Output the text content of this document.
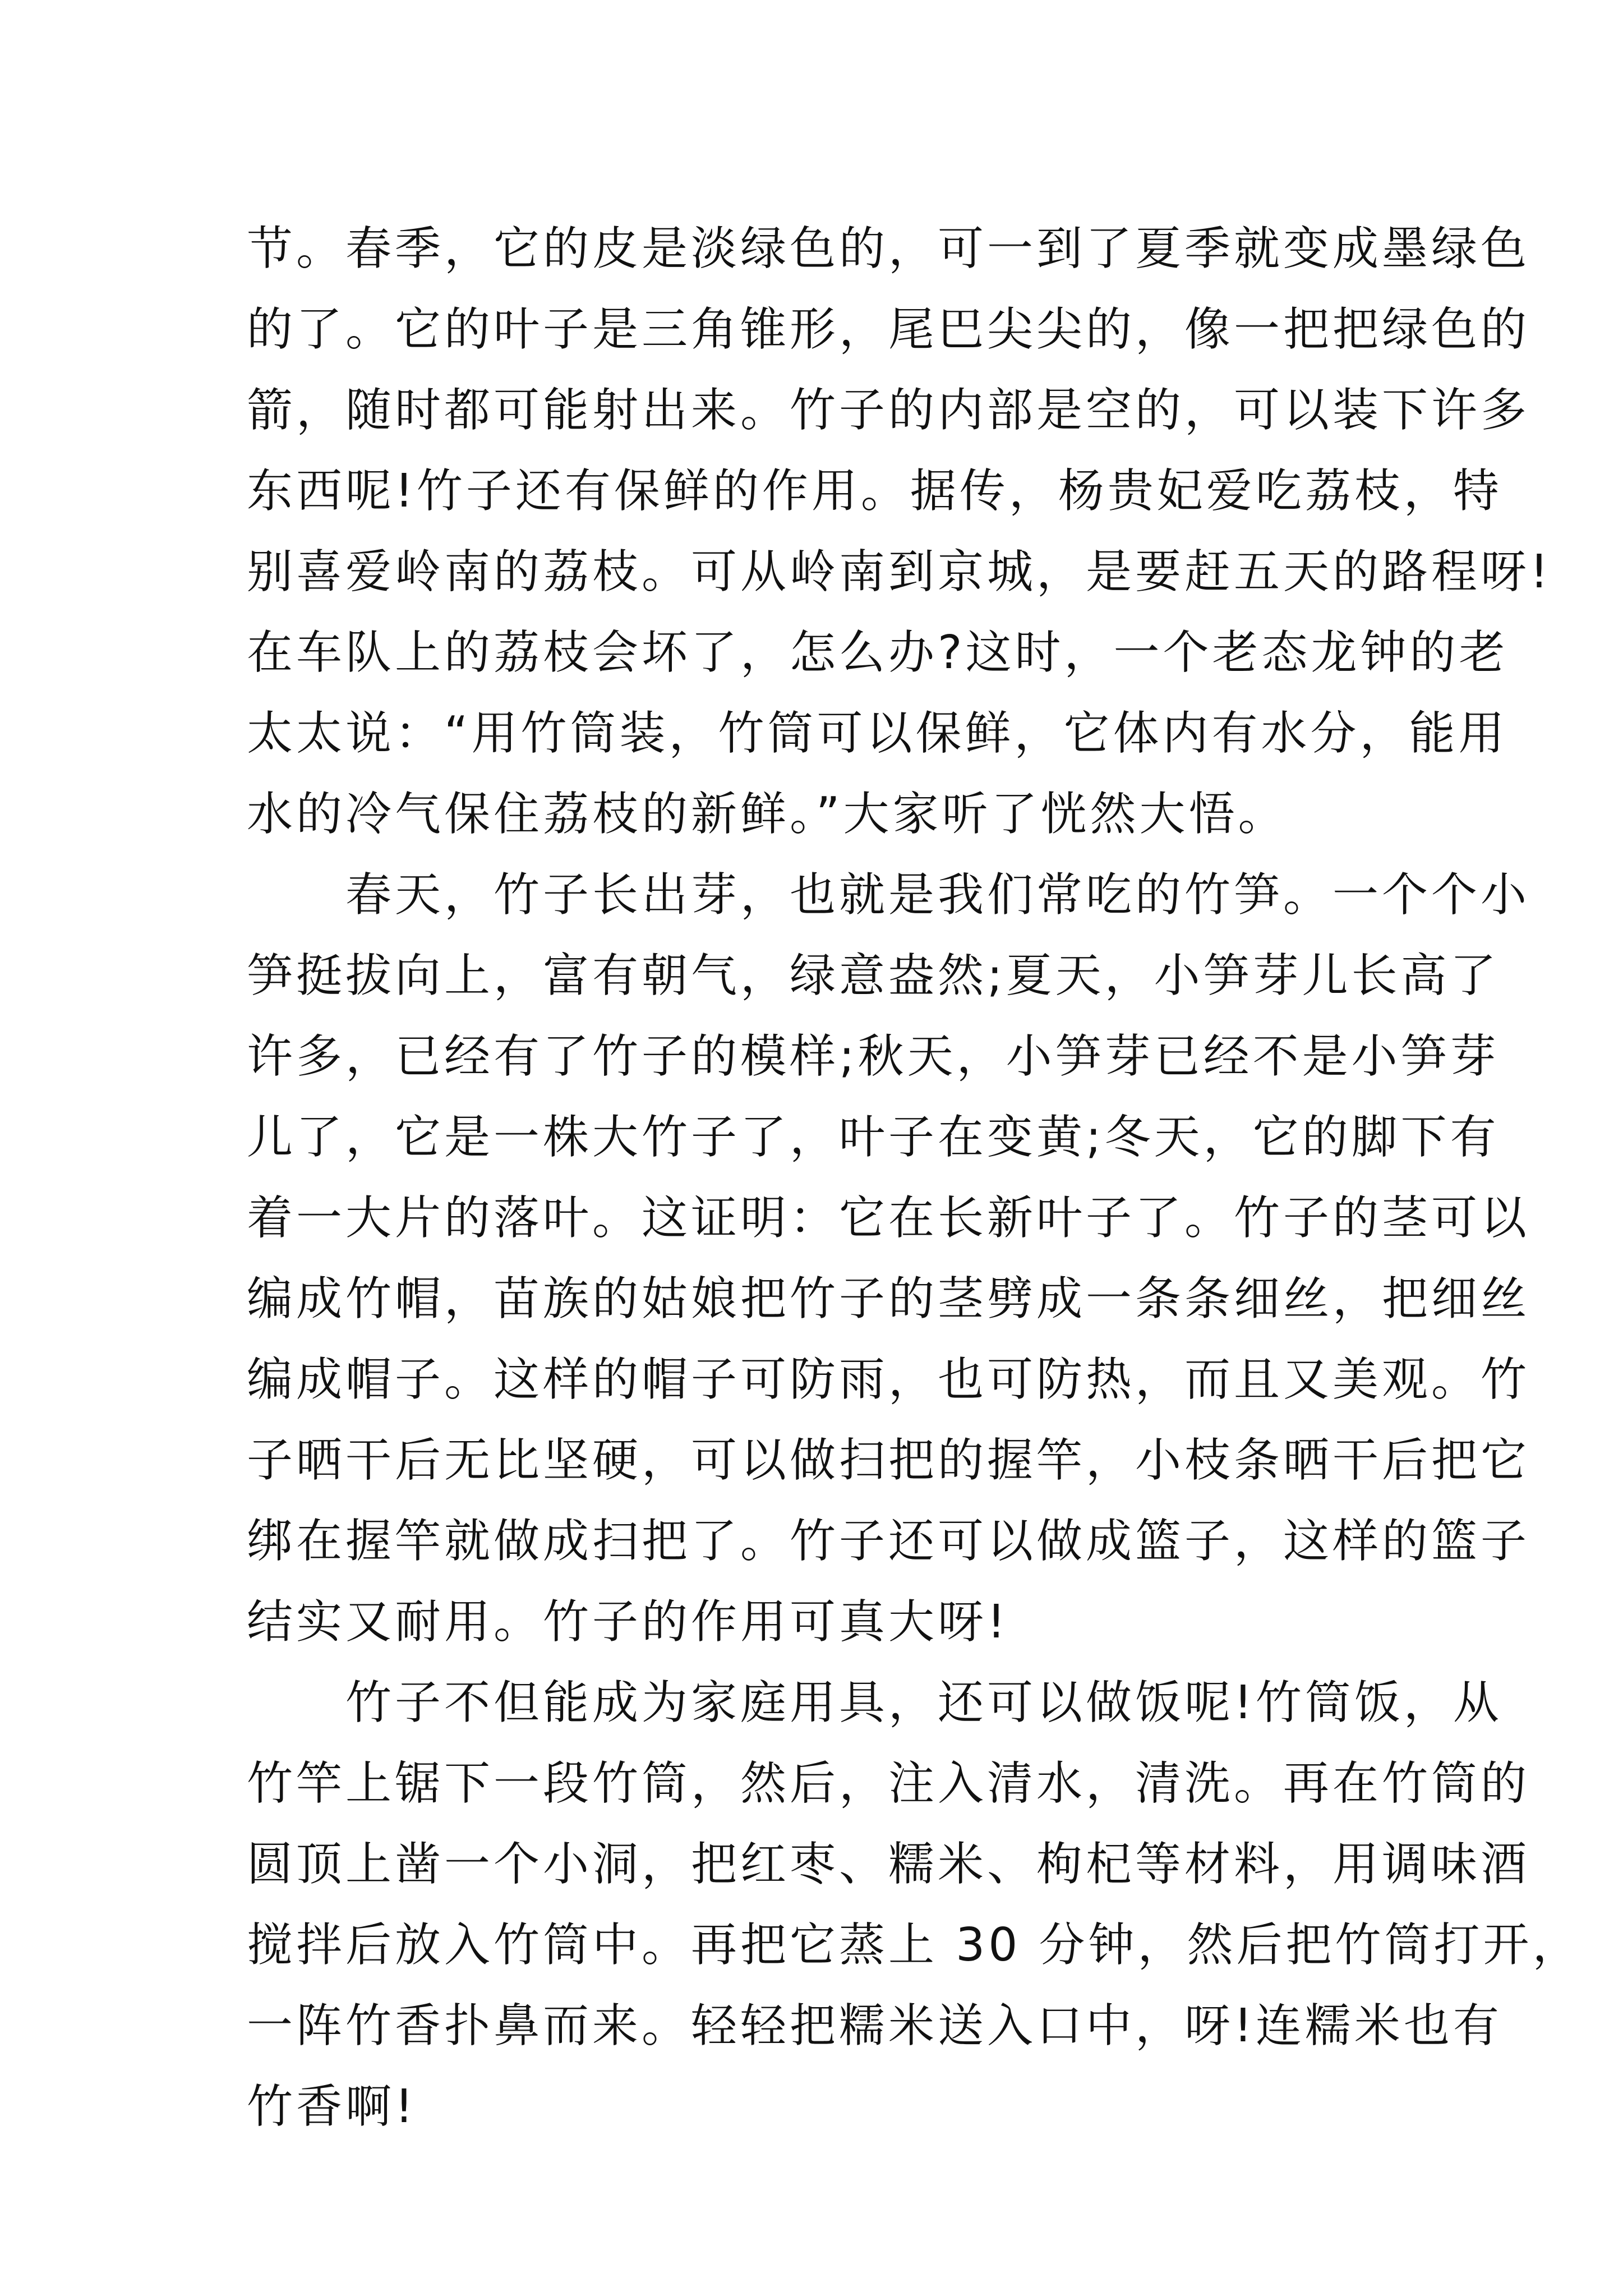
节。春季，它的皮是淡绿色的，可一到了夏季就变成墨绿色
的了。它的叶子是三角锥形，尾巴尖尖的，像一把把绿色的
箭，随时都可能射出来。竹子的内部是空的，可以装下许多
东西呢!竹子还有保鲜的作用。据传，杨贵妃爱吃荔枝，特
别喜爱岭南的荔枝。可从岭南到京城，是要赶五天的路程呀!
在车队上的荔枝会坏了，怎么办?这时，一个老态龙钟的老
太太说：“用竹筒装，竹筒可以保鲜，它体内有水分，能用
水的冷气保住荔枝的新鲜。”大家听了恍然大悟。
　　春天，竹子长出芽，也就是我们常吃的竹笋。一个个小
笋挺拔向上，富有朝气，绿意盎然;夏天，小笋芽儿长高了
许多，已经有了竹子的模样;秋天，小笋芽已经不是小笋芽
儿了，它是一株大竹子了，叶子在变黄;冬天，它的脚下有
着一大片的落叶。这证明：它在长新叶子了。竹子的茎可以
编成竹帽，苗族的姑娘把竹子的茎劈成一条条细丝，把细丝
编成帽子。这样的帽子可防雨，也可防热，而且又美观。竹
子晒干后无比坚硬，可以做扫把的握竿，小枝条晒干后把它
绑在握竿就做成扫把了。竹子还可以做成篮子，这样的篮子
结实又耐用。竹子的作用可真大呀!
　　竹子不但能成为家庭用具，还可以做饭呢!竹筒饭，从
竹竿上锯下一段竹筒，然后，注入清水，清洗。再在竹筒的
圆顶上凿一个小洞，把红枣、糯米、枸杞等材料，用调味酒
搅拌后放入竹筒中。再把它蒸上 30 分钟，然后把竹筒打开，
一阵竹香扑鼻而来。轻轻把糯米送入口中，呀!连糯米也有
竹香啊!
